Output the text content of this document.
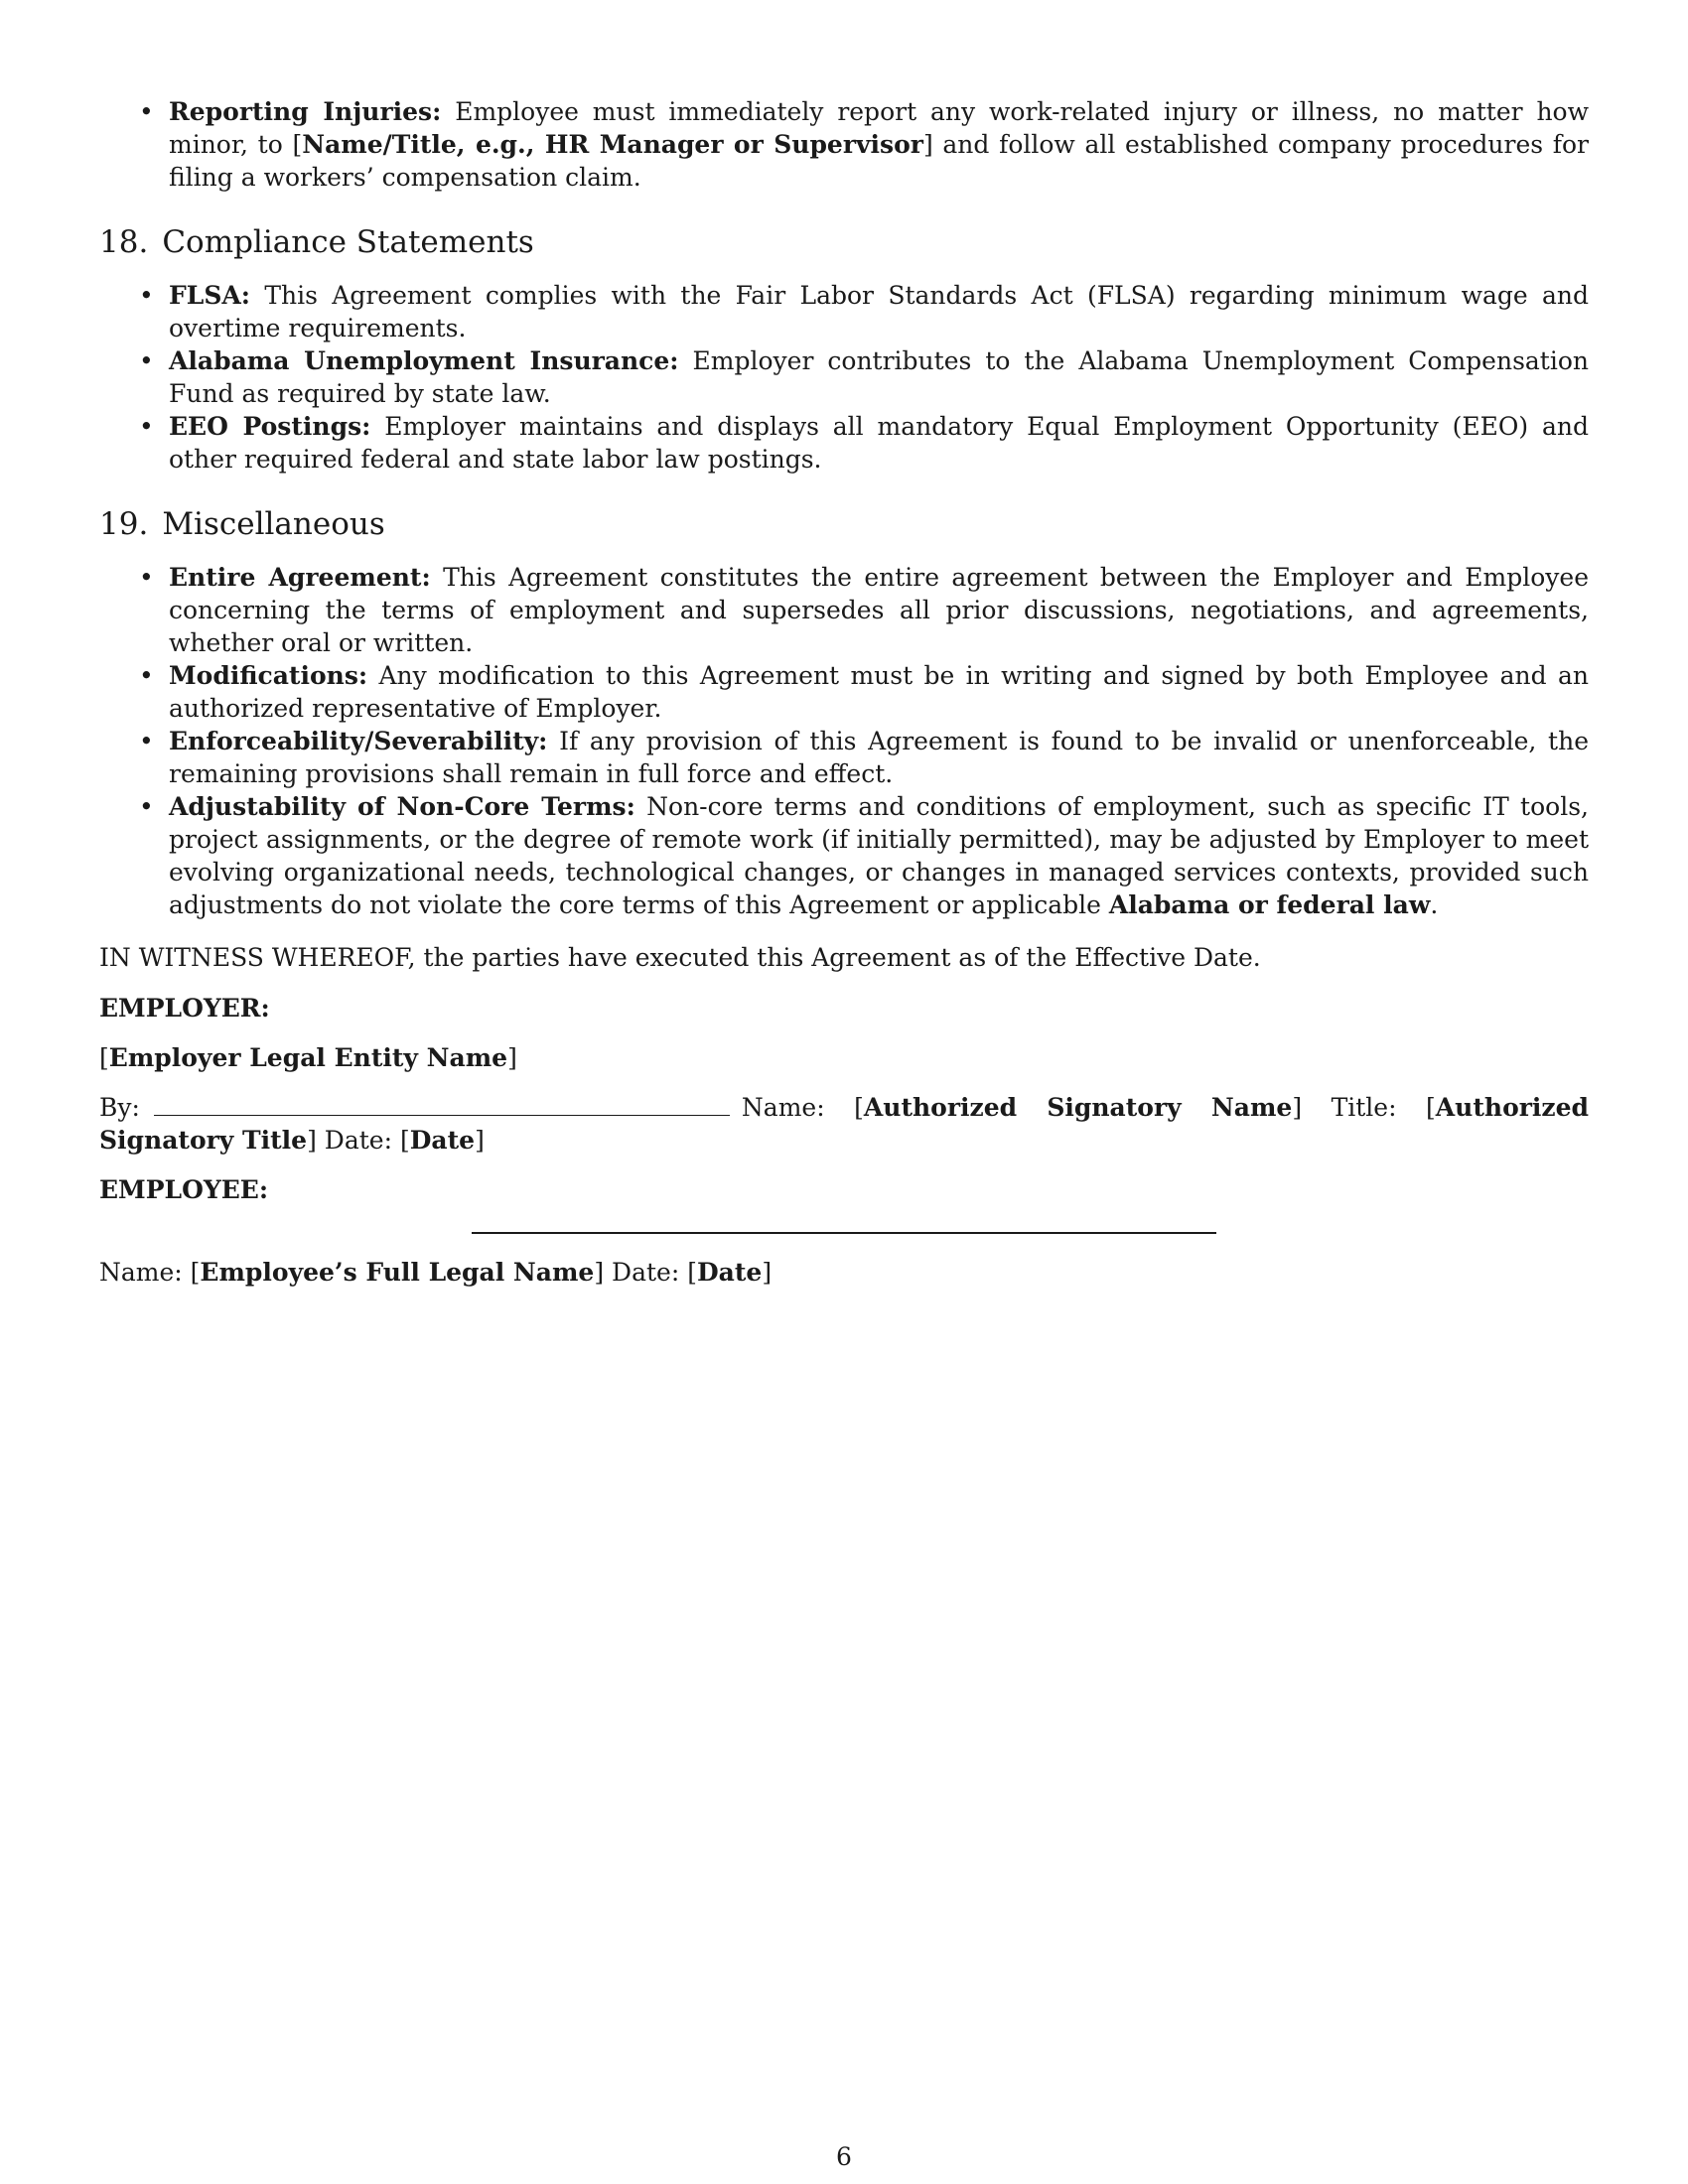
• Reporting Injuries: Employee must immediately report any work-related injury or illness, no matter how minor, to [Name/Title, e.g., HR Manager or Supervisor] and follow all established company procedures for filing a workers’ compensation claim.
18. Compliance Statements
• FLSA: This Agreement complies with the Fair Labor Standards Act (FLSA) regarding minimum wage and overtime requirements.
• Alabama Unemployment Insurance: Employer contributes to the Alabama Unemployment Compensation Fund as required by state law.
• EEO Postings: Employer maintains and displays all mandatory Equal Employment Opportunity (EEO) and other required federal and state labor law postings.
19. Miscellaneous
• Entire Agreement: This Agreement constitutes the entire agreement between the Employer and Employee concerning the terms of employment and supersedes all prior discussions, negotiations, and agreements, whether oral or written.
• Modifications: Any modification to this Agreement must be in writing and signed by both Employee and an authorized representative of Employer.
• Enforceability/Severability: If any provision of this Agreement is found to be invalid or unenforceable, the remaining provisions shall remain in full force and effect.
• Adjustability of Non-Core Terms: Non-core terms and conditions of employment, such as specific IT tools, project assignments, or the degree of remote work (if initially permitted), may be adjusted by Employer to meet evolving organizational needs, technological changes, or changes in managed services contexts, provided such adjustments do not violate the core terms of this Agreement or applicable Alabama or federal law.

IN WITNESS WHEREOF, the parties have executed this Agreement as of the Effective Date.

EMPLOYER:

[Employer Legal Entity Name]

By:	Name: [Authorized Signatory Name] Title: [Authorized Signatory Title] Date: [Date]

EMPLOYEE:

Name: [Employee’s Full Legal Name] Date: [Date]

6
